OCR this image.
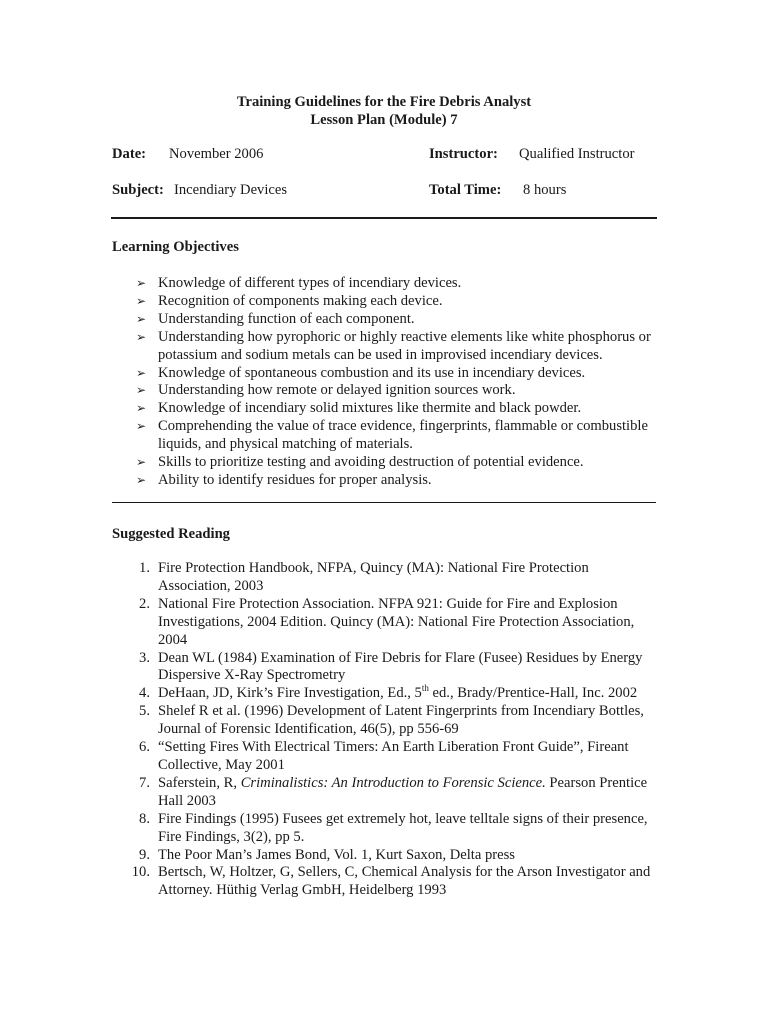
Training Guidelines for the Fire Debris Analyst
Lesson Plan (Module) 7
Date: November 2006	Instructor: Qualified Instructor
Subject: Incendiary Devices	Total Time: 8 hours
Learning Objectives
➢ Knowledge of different types of incendiary devices.
➢ Recognition of components making each device.
➢ Understanding function of each component.
➢ Understanding how pyrophoric or highly reactive elements like white phosphorus or potassium and sodium metals can be used in improvised incendiary devices.
➢ Knowledge of spontaneous combustion and its use in incendiary devices.
➢ Understanding how remote or delayed ignition sources work.
➢ Knowledge of incendiary solid mixtures like thermite and black powder.
➢ Comprehending the value of trace evidence, fingerprints, flammable or combustible liquids, and physical matching of materials.
➢ Skills to prioritize testing and avoiding destruction of potential evidence.
➢ Ability to identify residues for proper analysis.
Suggested Reading
1. Fire Protection Handbook, NFPA, Quincy (MA): National Fire Protection Association, 2003
2. National Fire Protection Association. NFPA 921: Guide for Fire and Explosion Investigations, 2004 Edition. Quincy (MA): National Fire Protection Association, 2004
3. Dean WL (1984) Examination of Fire Debris for Flare (Fusee) Residues by Energy Dispersive X-Ray Spectrometry
4. DeHaan, JD, Kirk’s Fire Investigation, Ed., 5th ed., Brady/Prentice-Hall, Inc. 2002
5. Shelef R et al. (1996) Development of Latent Fingerprints from Incendiary Bottles, Journal of Forensic Identification, 46(5), pp 556-69
6. “Setting Fires With Electrical Timers: An Earth Liberation Front Guide”, Fireant Collective, May 2001
7. Saferstein, R, Criminalistics: An Introduction to Forensic Science. Pearson Prentice Hall 2003
8. Fire Findings (1995) Fusees get extremely hot, leave telltale signs of their presence, Fire Findings, 3(2), pp 5.
9. The Poor Man’s James Bond, Vol. 1, Kurt Saxon, Delta press
10. Bertsch, W, Holtzer, G, Sellers, C, Chemical Analysis for the Arson Investigator and Attorney. Hüthig Verlag GmbH, Heidelberg 1993
